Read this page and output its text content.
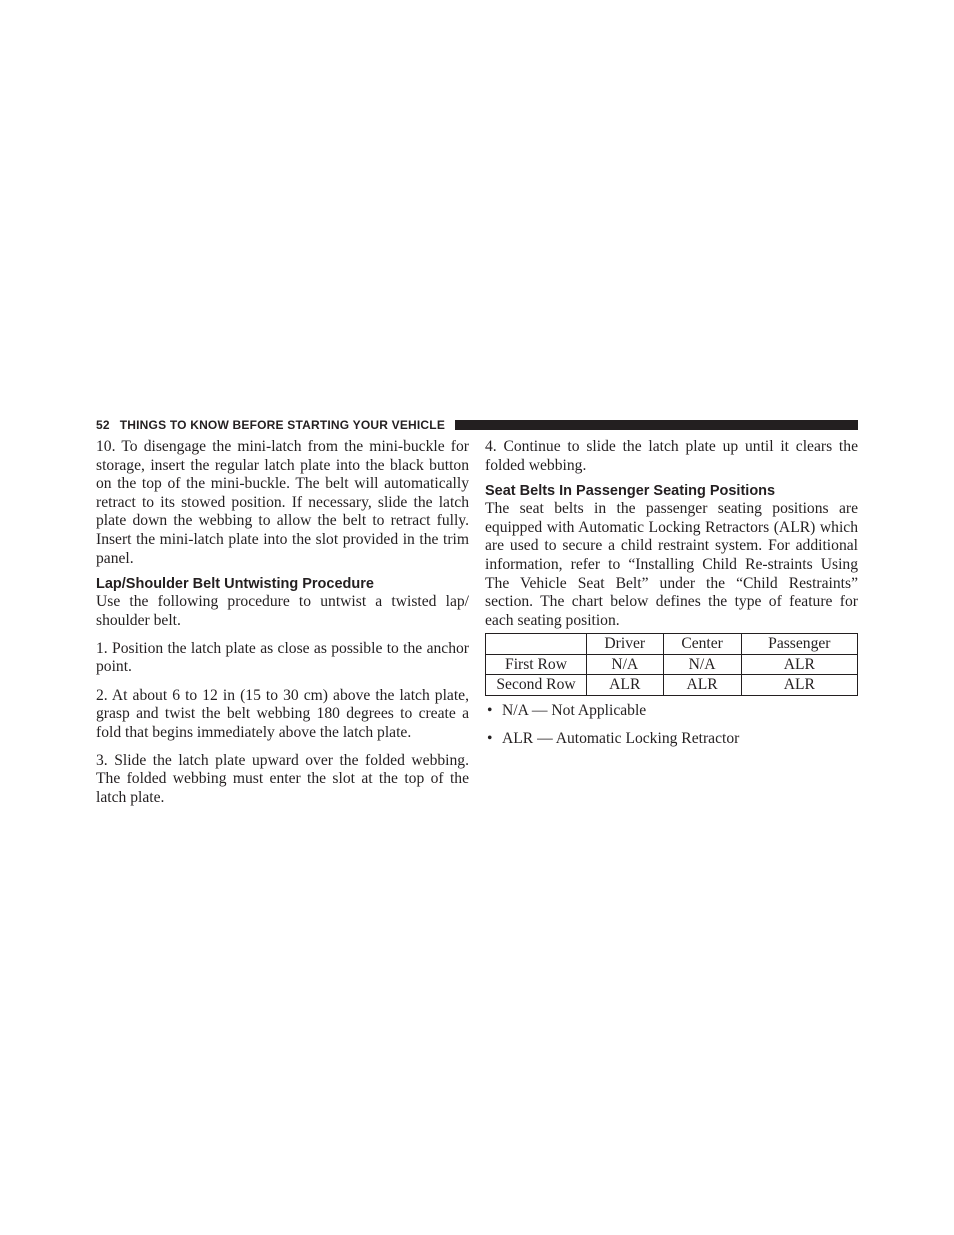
52 THINGS TO KNOW BEFORE STARTING YOUR VEHICLE

10. To disengage the mini-latch from the mini-buckle for storage, insert the regular latch plate into the black button on the top of the mini-buckle. The belt will automatically retract to its stowed position. If necessary, slide the latch plate down the webbing to allow the belt to retract fully. Insert the mini-latch plate into the slot provided in the trim panel.

Lap/Shoulder Belt Untwisting Procedure

Use the following procedure to untwist a twisted lap/ shoulder belt.

1. Position the latch plate as close as possible to the anchor point.

2. At about 6 to 12 in (15 to 30 cm) above the latch plate, grasp and twist the belt webbing 180 degrees to create a fold that begins immediately above the latch plate.

3. Slide the latch plate upward over the folded webbing. The folded webbing must enter the slot at the top of the latch plate.

4. Continue to slide the latch plate up until it clears the folded webbing.

Seat Belts In Passenger Seating Positions

The seat belts in the passenger seating positions are equipped with Automatic Locking Retractors (ALR) which are used to secure a child restraint system. For additional information, refer to “Installing Child Re-straints Using The Vehicle Seat Belt” under the “Child Restraints” section. The chart below defines the type of feature for each seating position.

	Driver	Center	Passenger
First Row	N/A	N/A	ALR
Second Row	ALR	ALR	ALR
• N/A — Not Applicable
• ALR — Automatic Locking Retractor
